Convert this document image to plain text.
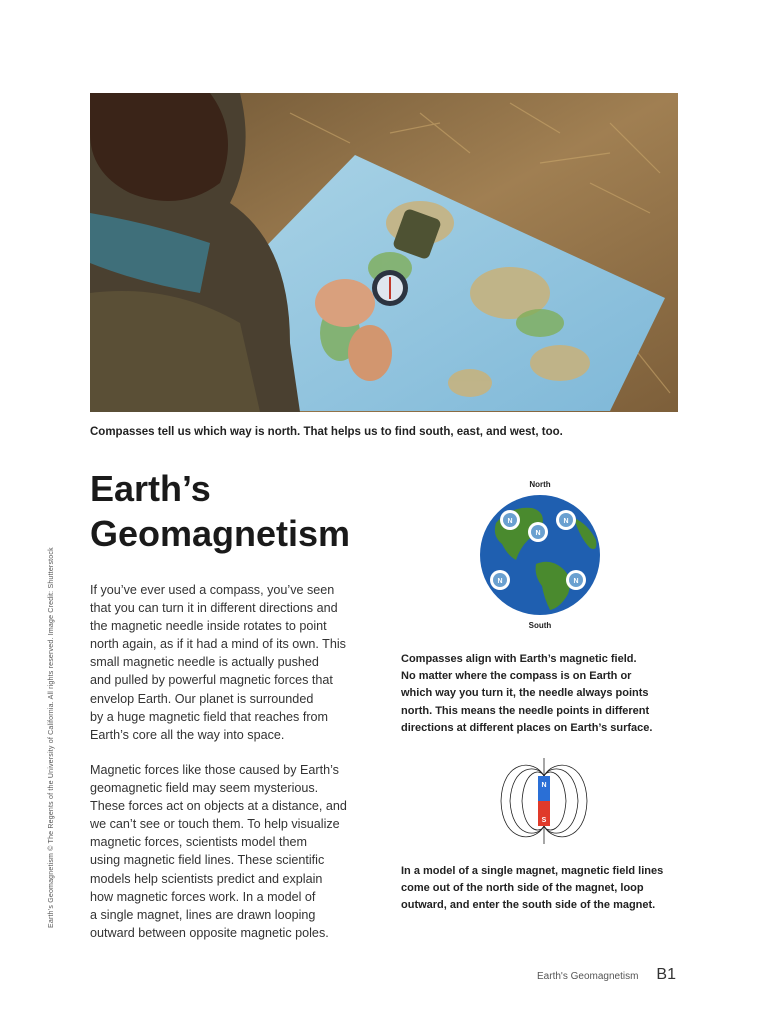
Compasses tell us which way is north. That helps us to find south, east, and west, too.

Earth’s
Geomagnetism
If you’ve ever used a compass, you’ve seen
that you can turn it in different directions and
the magnetic needle inside rotates to point
north again, as if it had a mind of its own. This
small magnetic needle is actually pushed
and pulled by powerful magnetic forces that
envelop Earth. Our planet is surrounded
by a huge magnetic field that reaches from
Earth’s core all the way into space.
Magnetic forces like those caused by Earth’s
geomagnetic field may seem mysterious.
These forces act on objects at a distance, and
we can’t see or touch them. To help visualize
magnetic forces, scientists model them
using magnetic field lines. These scientific
models help scientists predict and explain
how magnetic forces work. In a model of
a single magnet, lines are drawn looping
outward between opposite magnetic poles.
Earth’s Geomagnetism © The Regents of the University of California. All rights reserved. Image Credit: Shutterstock
North
N
N
N
N	N
South
Compasses align with Earth’s magnetic field.
No matter where the compass is on Earth or
which way you turn it, the needle always points
north. This means the needle points in different
directions at different places on Earth’s surface.
N
S
In a model of a single magnet, magnetic field lines
come out of the north side of the magnet, loop
outward, and enter the south side of the magnet.
Earth's Geomagnetism B1
